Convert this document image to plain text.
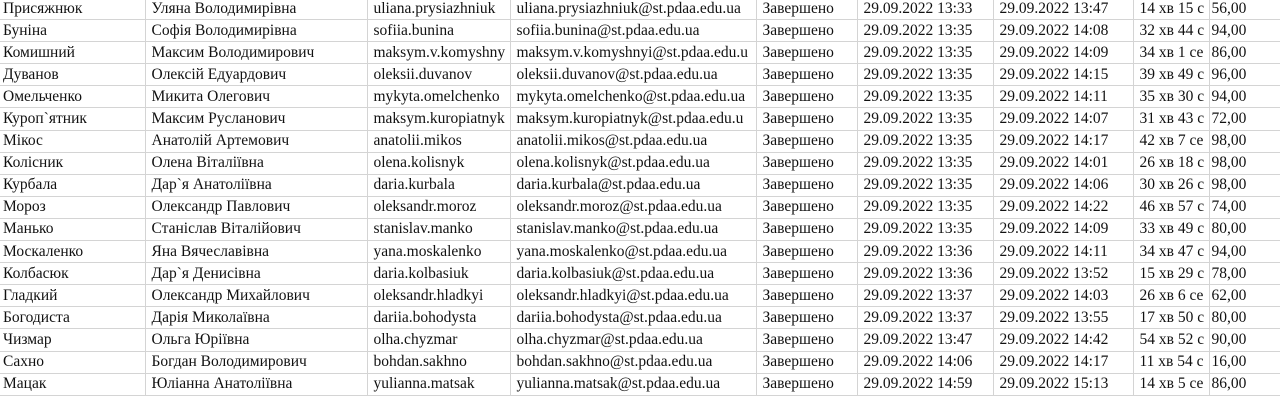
Присяжнюк	Уляна Володимирівна	uliana.prysiazhniuk	uliana.prysiazhniuk@st.pdaa.edu.ua	Завершено	29.09.2022 13:33	29.09.2022 13:47	14 хв 15 с	56,00
Буніна	Софія Володимирівна	sofiia.bunina	sofiia.bunina@st.pdaa.edu.ua	Завершено	29.09.2022 13:35	29.09.2022 14:08	32 хв 44 с	94,00
Комишний	Максим Володимирович	maksym.v.komyshny	maksym.v.komyshnyi@st.pdaa.edu.u	Завершено	29.09.2022 13:35	29.09.2022 14:09	34 хв 1 се	86,00
Дуванов	Олексій Едуардович	oleksii.duvanov	oleksii.duvanov@st.pdaa.edu.ua	Завершено	29.09.2022 13:35	29.09.2022 14:15	39 хв 49 с	96,00
Омельченко	Микита Олегович	mykyta.omelchenko	mykyta.omelchenko@st.pdaa.edu.ua	Завершено	29.09.2022 13:35	29.09.2022 14:11	35 хв 30 с	94,00
Куроп`ятник	Максим Русланович	maksym.kuropiatnyk	maksym.kuropiatnyk@st.pdaa.edu.u	Завершено	29.09.2022 13:35	29.09.2022 14:07	31 хв 43 с	72,00
Мікос	Анатолій Артемович	anatolii.mikos	anatolii.mikos@st.pdaa.edu.ua	Завершено	29.09.2022 13:35	29.09.2022 14:17	42 хв 7 се	98,00
Колісник	Олена Віталіївна	olena.kolisnyk	olena.kolisnyk@st.pdaa.edu.ua	Завершено	29.09.2022 13:35	29.09.2022 14:01	26 хв 18 с	98,00
Курбала	Дар`я Анатоліївна	daria.kurbala	daria.kurbala@st.pdaa.edu.ua	Завершено	29.09.2022 13:35	29.09.2022 14:06	30 хв 26 с	98,00
Мороз	Олександр Павлович	oleksandr.moroz	oleksandr.moroz@st.pdaa.edu.ua	Завершено	29.09.2022 13:35	29.09.2022 14:22	46 хв 57 с	74,00
Манько	Станіслав Віталійович	stanislav.manko	stanislav.manko@st.pdaa.edu.ua	Завершено	29.09.2022 13:35	29.09.2022 14:09	33 хв 49 с	80,00
Москаленко	Яна Вячеславівна	yana.moskalenko	yana.moskalenko@st.pdaa.edu.ua	Завершено	29.09.2022 13:36	29.09.2022 14:11	34 хв 47 с	94,00
Колбасюк	Дар`я Денисівна	daria.kolbasiuk	daria.kolbasiuk@st.pdaa.edu.ua	Завершено	29.09.2022 13:36	29.09.2022 13:52	15 хв 29 с	78,00
Гладкий	Олександр Михайлович	oleksandr.hladkyi	oleksandr.hladkyi@st.pdaa.edu.ua	Завершено	29.09.2022 13:37	29.09.2022 14:03	26 хв 6 се	62,00
Богодиста	Дарія Миколаївна	dariia.bohodysta	dariia.bohodysta@st.pdaa.edu.ua	Завершено	29.09.2022 13:37	29.09.2022 13:55	17 хв 50 с	80,00
Чизмар	Ольга Юріївна	olha.chyzmar	olha.chyzmar@st.pdaa.edu.ua	Завершено	29.09.2022 13:47	29.09.2022 14:42	54 хв 52 с	90,00
Сахно	Богдан Володимирович	bohdan.sakhno	bohdan.sakhno@st.pdaa.edu.ua	Завершено	29.09.2022 14:06	29.09.2022 14:17	11 хв 54 с	16,00
Мацак	Юліанна Анатоліївна	yulianna.matsak	yulianna.matsak@st.pdaa.edu.ua	Завершено	29.09.2022 14:59	29.09.2022 15:13	14 хв 5 се	86,00
